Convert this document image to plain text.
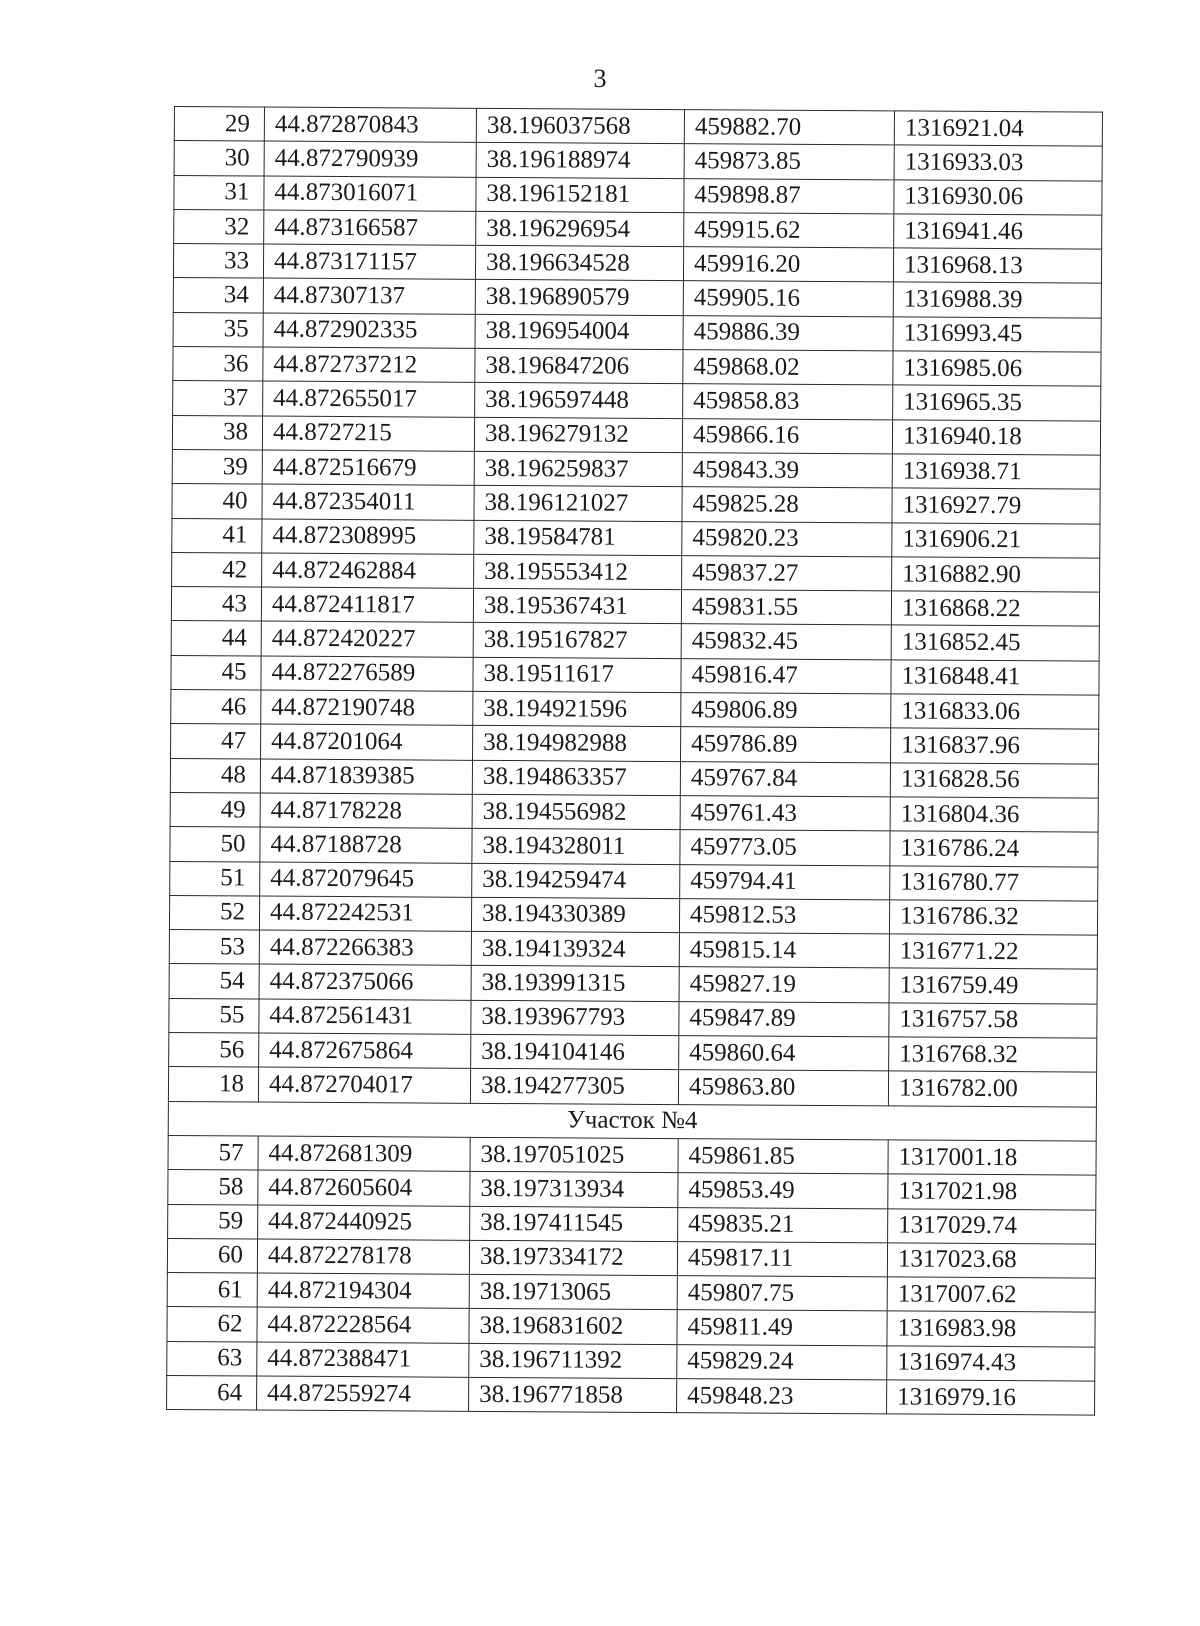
3
29	44.872870843	38.196037568	459882.70	1316921.04
30	44.872790939	38.196188974	459873.85	1316933.03
31	44.873016071	38.196152181	459898.87	1316930.06
32	44.873166587	38.196296954	459915.62	1316941.46
33	44.873171157	38.196634528	459916.20	1316968.13
34	44.87307137	38.196890579	459905.16	1316988.39
35	44.872902335	38.196954004	459886.39	1316993.45
36	44.872737212	38.196847206	459868.02	1316985.06
37	44.872655017	38.196597448	459858.83	1316965.35
38	44.8727215	38.196279132	459866.16	1316940.18
39	44.872516679	38.196259837	459843.39	1316938.71
40	44.872354011	38.196121027	459825.28	1316927.79
41	44.872308995	38.19584781	459820.23	1316906.21
42	44.872462884	38.195553412	459837.27	1316882.90
43	44.872411817	38.195367431	459831.55	1316868.22
44	44.872420227	38.195167827	459832.45	1316852.45
45	44.872276589	38.19511617	459816.47	1316848.41
46	44.872190748	38.194921596	459806.89	1316833.06
47	44.87201064	38.194982988	459786.89	1316837.96
48	44.871839385	38.194863357	459767.84	1316828.56
49	44.87178228	38.194556982	459761.43	1316804.36
50	44.87188728	38.194328011	459773.05	1316786.24
51	44.872079645	38.194259474	459794.41	1316780.77
52	44.872242531	38.194330389	459812.53	1316786.32
53	44.872266383	38.194139324	459815.14	1316771.22
54	44.872375066	38.193991315	459827.19	1316759.49
55	44.872561431	38.193967793	459847.89	1316757.58
56	44.872675864	38.194104146	459860.64	1316768.32
18	44.872704017	38.194277305	459863.80	1316782.00
Участок №4				
57	44.872681309	38.197051025	459861.85	1317001.18
58	44.872605604	38.197313934	459853.49	1317021.98
59	44.872440925	38.197411545	459835.21	1317029.74
60	44.872278178	38.197334172	459817.11	1317023.68
61	44.872194304	38.19713065	459807.75	1317007.62
62	44.872228564	38.196831602	459811.49	1316983.98
63	44.872388471	38.196711392	459829.24	1316974.43
64	44.872559274	38.196771858	459848.23	1316979.16
